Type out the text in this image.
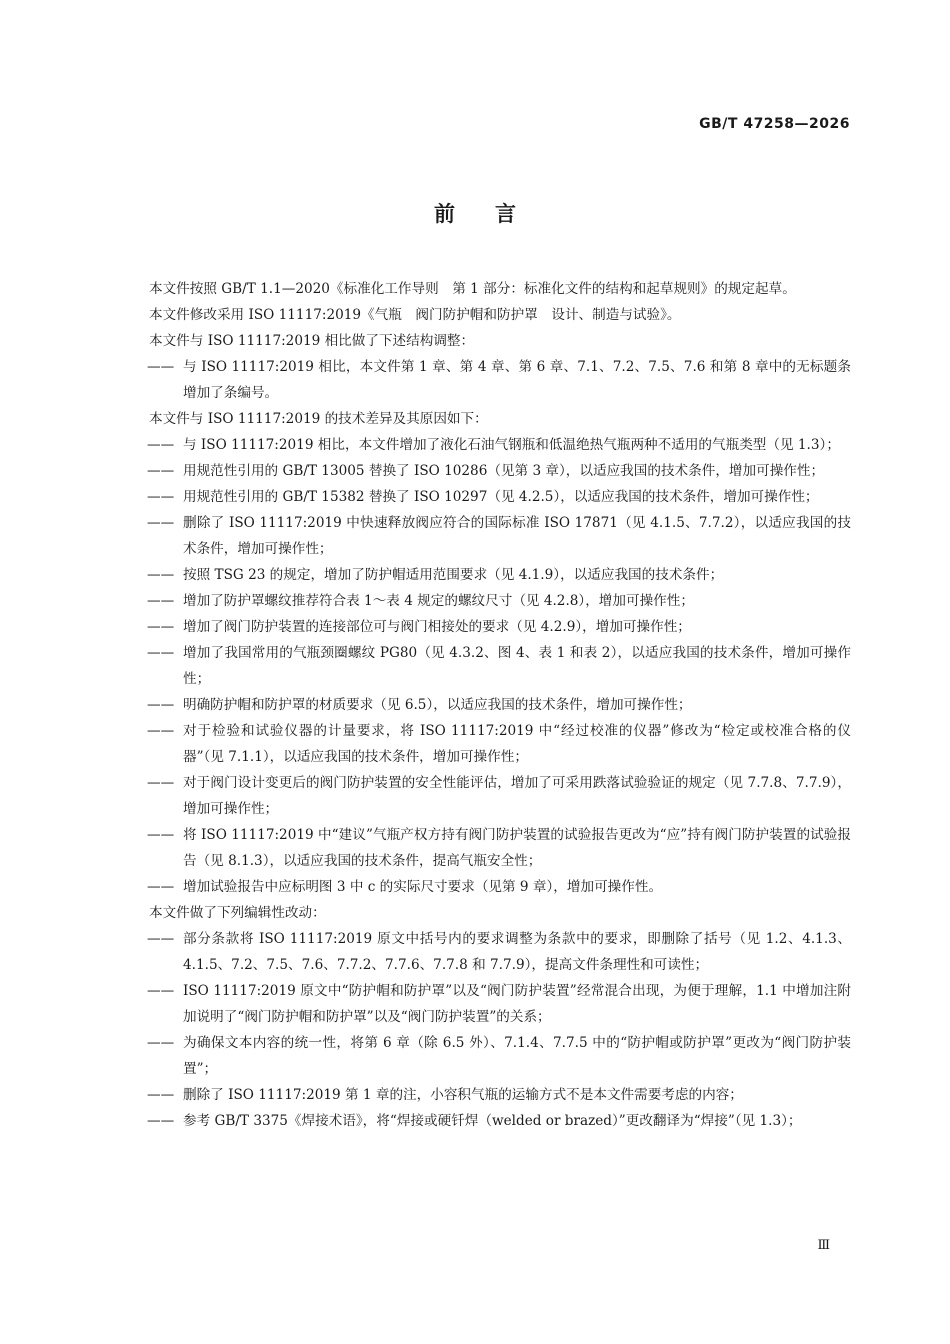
GB/T 47258—2026
前言

本文件按照 GB/T 1.1—2020《标准化工作导则　第 1 部分：标准化文件的结构和起草规则》的规定起草。

本文件修改采用 ISO 11117:2019《气瓶　阀门防护帽和防护罩　设计、制造与试验》。

本文件与 ISO 11117:2019 相比做了下述结构调整：

—— 与 ISO 11117:2019 相比，本文件第 1 章、第 4 章、第 6 章、7.1、7.2、7.5、7.6 和第 8 章中的无标题条增加了条编号。

本文件与 ISO 11117:2019 的技术差异及其原因如下：

—— 与 ISO 11117:2019 相比，本文件增加了液化石油气钢瓶和低温绝热气瓶两种不适用的气瓶类型（见 1.3）；

—— 用规范性引用的 GB/T 13005 替换了 ISO 10286（见第 3 章），以适应我国的技术条件，增加可操作性；

—— 用规范性引用的 GB/T 15382 替换了 ISO 10297（见 4.2.5），以适应我国的技术条件，增加可操作性；

—— 删除了 ISO 11117:2019 中快速释放阀应符合的国际标准 ISO 17871（见 4.1.5、7.7.2），以适应我国的技术条件，增加可操作性；

—— 按照 TSG 23 的规定，增加了防护帽适用范围要求（见 4.1.9），以适应我国的技术条件；

—— 增加了防护罩螺纹推荐符合表 1～表 4 规定的螺纹尺寸（见 4.2.8），增加可操作性；

—— 增加了阀门防护装置的连接部位可与阀门相接处的要求（见 4.2.9），增加可操作性；

—— 增加了我国常用的气瓶颈圈螺纹 PG80（见 4.3.2、图 4、表 1 和表 2），以适应我国的技术条件，增加可操作性；

—— 明确防护帽和防护罩的材质要求（见 6.5），以适应我国的技术条件，增加可操作性；

—— 对于检验和试验仪器的计量要求，将 ISO 11117:2019 中“经过校准的仪器”修改为“检定或校准合格的仪器”（见 7.1.1），以适应我国的技术条件，增加可操作性；

—— 对于阀门设计变更后的阀门防护装置的安全性能评估，增加了可采用跌落试验验证的规定（见 7.7.8、7.7.9），增加可操作性；

—— 将 ISO 11117:2019 中“建议”气瓶产权方持有阀门防护装置的试验报告更改为“应”持有阀门防护装置的试验报告（见 8.1.3），以适应我国的技术条件，提高气瓶安全性；

—— 增加试验报告中应标明图 3 中 c 的实际尺寸要求（见第 9 章），增加可操作性。

本文件做了下列编辑性改动：

—— 部分条款将 ISO 11117:2019 原文中括号内的要求调整为条款中的要求，即删除了括号（见 1.2、4.1.3、4.1.5、7.2、7.5、7.6、7.7.2、7.7.6、7.7.8 和 7.7.9），提高文件条理性和可读性；

—— ISO 11117:2019 原文中“防护帽和防护罩”以及“阀门防护装置”经常混合出现，为便于理解，1.1 中增加注附加说明了“阀门防护帽和防护罩”以及“阀门防护装置”的关系；

—— 为确保文本内容的统一性，将第 6 章（除 6.5 外）、7.1.4、7.7.5 中的“防护帽或防护罩”更改为“阀门防护装置”；

—— 删除了 ISO 11117:2019 第 1 章的注，小容积气瓶的运输方式不是本文件需要考虑的内容；

—— 参考 GB/T 3375《焊接术语》，将“焊接或硬钎焊（welded or brazed）”更改翻译为“焊接”（见 1.3）；

Ⅲ
